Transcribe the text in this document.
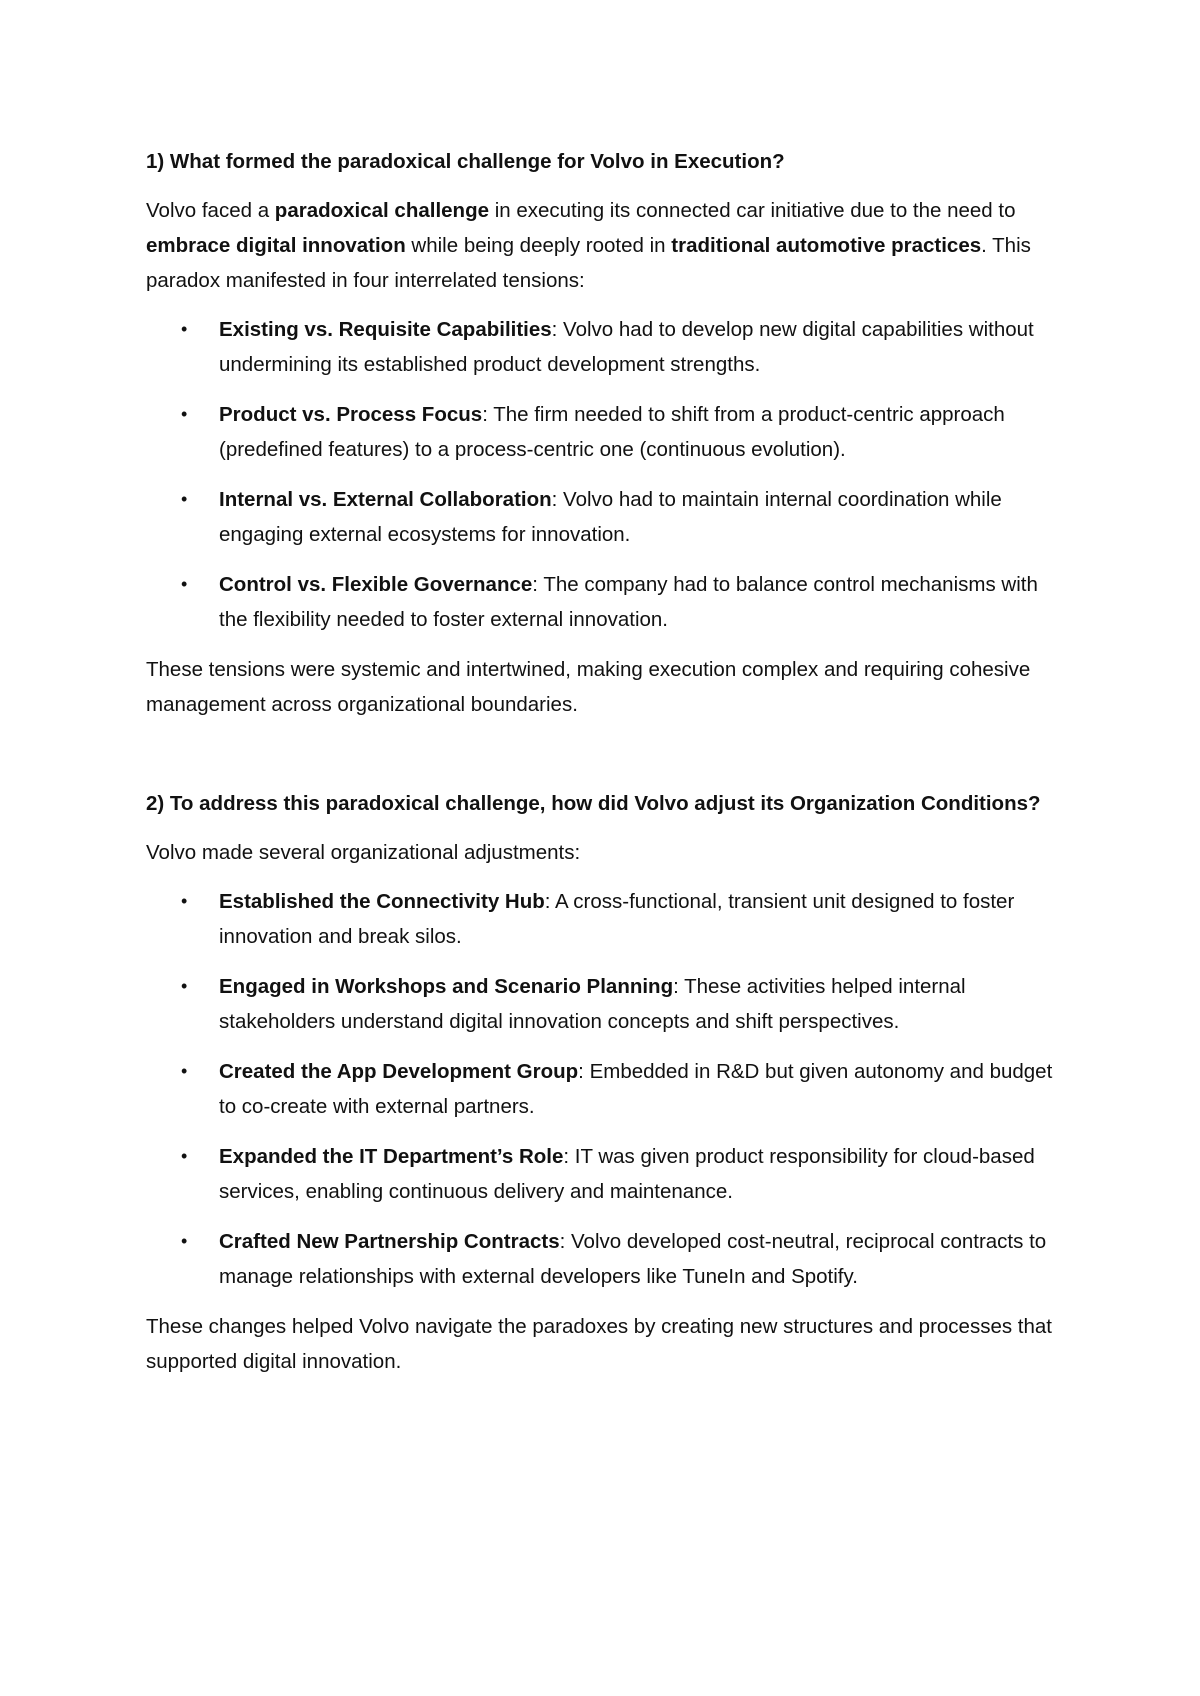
1) What formed the paradoxical challenge for Volvo in Execution?

Volvo faced a paradoxical challenge in executing its connected car initiative due to the need to embrace digital innovation while being deeply rooted in traditional automotive practices. This paradox manifested in four interrelated tensions:

• Existing vs. Requisite Capabilities: Volvo had to develop new digital capabilities without undermining its established product development strengths.
• Product vs. Process Focus: The firm needed to shift from a product-centric approach (predefined features) to a process-centric one (continuous evolution).
• Internal vs. External Collaboration: Volvo had to maintain internal coordination while engaging external ecosystems for innovation.
• Control vs. Flexible Governance: The company had to balance control mechanisms with the flexibility needed to foster external innovation.

These tensions were systemic and intertwined, making execution complex and requiring cohesive management across organizational boundaries.

2) To address this paradoxical challenge, how did Volvo adjust its Organization Conditions?

Volvo made several organizational adjustments:

• Established the Connectivity Hub: A cross-functional, transient unit designed to foster innovation and break silos.
• Engaged in Workshops and Scenario Planning: These activities helped internal stakeholders understand digital innovation concepts and shift perspectives.
• Created the App Development Group: Embedded in R&D but given autonomy and budget to co-create with external partners.
• Expanded the IT Department’s Role: IT was given product responsibility for cloud-based services, enabling continuous delivery and maintenance.
• Crafted New Partnership Contracts: Volvo developed cost-neutral, reciprocal contracts to manage relationships with external developers like TuneIn and Spotify.

These changes helped Volvo navigate the paradoxes by creating new structures and processes that supported digital innovation.
